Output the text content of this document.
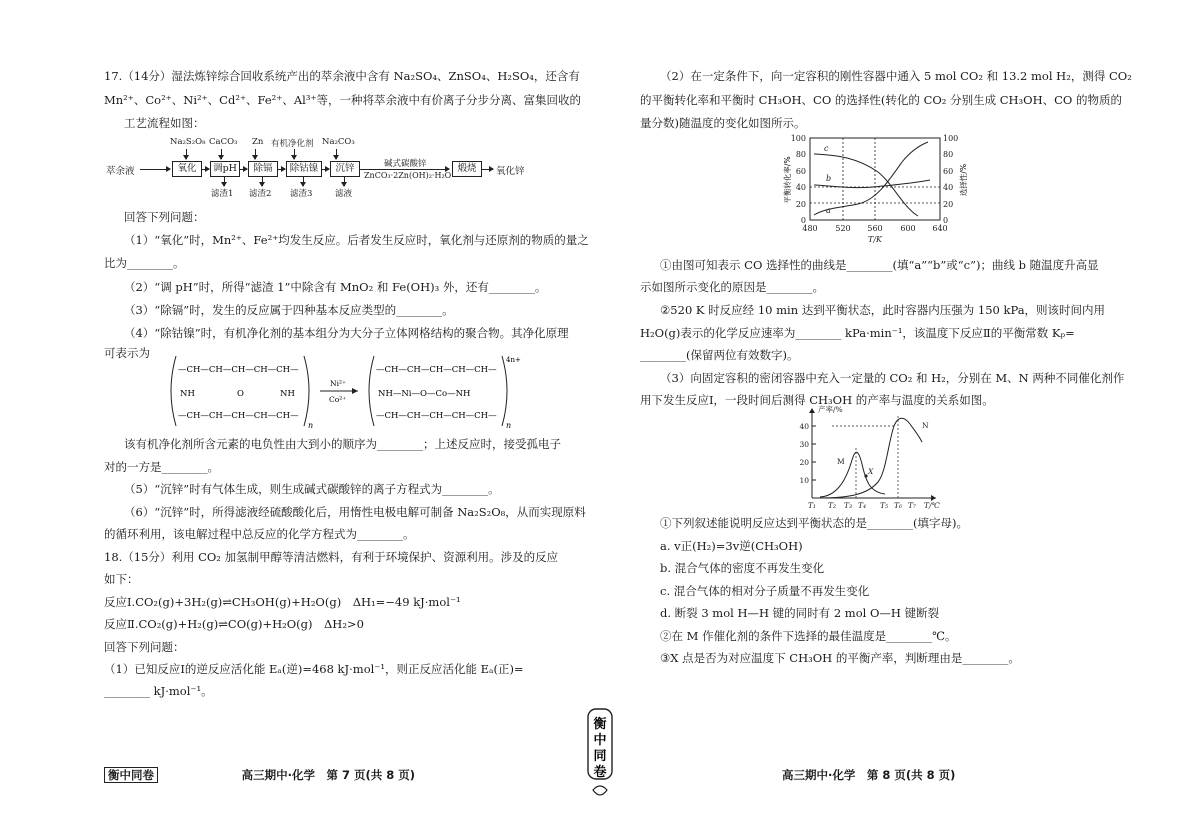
17.（14分）湿法炼锌综合回收系统产出的萃余液中含有 Na₂SO₄、ZnSO₄、H₂SO₄，还含有
Mn²⁺、Co²⁺、Ni²⁺、Cd²⁺、Fe²⁺、Al³⁺等，一种将萃余液中有价离子分步分离、富集回收的
工艺流程如图：
Na₂S₂O₈ CaCO₃ Zn 有机净化剂 Na₂CO₃
萃余液	氧化	调pH	除镉	除钴镍	沉锌	碱式碳酸锌
ZnCO₃·2Zn(OH)₂·H₂O
煅烧	氧化锌
滤渣1 滤渣2 滤渣3	滤液
回答下列问题：
（1）“氧化”时，Mn²⁺、Fe²⁺均发生反应。后者发生反应时，氧化剂与还原剂的物质的量之
比为________。
（2）“调 pH”时，所得“滤渣 1”中除含有 MnO₂ 和 Fe(OH)₃ 外，还有________。
（3）“除镉”时，发生的反应属于四种基本反应类型的________。
（4）“除钴镍”时，有机净化剂的基本组分为大分子立体网格结构的聚合物。其净化原理
可表示为
—CH—CH—CH—CH—CH—
NH	O	NH
—CH—CH—CH—CH—CH—
n
Ni²⁺
Co²⁺
—CH—CH—CH—CH—CH—
NH—Ni—O—Co—NH
—CH—CH—CH—CH—CH—
4n+
n
该有机净化剂所含元素的电负性由大到小的顺序为________；上述反应时，接受孤电子
对的一方是________。
（5）“沉锌”时有气体生成，则生成碱式碳酸锌的离子方程式为________。
（6）“沉锌”时，所得滤液经硫酸酸化后，用惰性电极电解可制备 Na₂S₂O₈，从而实现原料
的循环利用，该电解过程中总反应的化学方程式为________。
18.（15分）利用 CO₂ 加氢制甲醇等清洁燃料，有利于环境保护、资源利用。涉及的反应
如下：
反应Ⅰ.CO₂(g)+3H₂(g)⇌CH₃OH(g)+H₂O(g)　ΔH₁=−49 kJ·mol⁻¹
反应Ⅱ.CO₂(g)+H₂(g)⇌CO(g)+H₂O(g)　ΔH₂>0
回答下列问题：
（1）已知反应Ⅰ的逆反应活化能 Eₐ(逆)=468 kJ·mol⁻¹，则正反应活化能 Eₐ(正)=
________ kJ·mol⁻¹。
衡中同卷	高三期中·化学　第 7 页(共 8 页)
衡
中
同
卷
（2）在一定条件下，向一定容积的刚性容器中通入 5 mol CO₂ 和 13.2 mol H₂，测得 CO₂
的平衡转化率和平衡时 CH₃OH、CO 的选择性(转化的 CO₂ 分别生成 CH₃OH、CO 的物质的
量分数)随温度的变化如图所示。
0
20
40
60
80
100
0
20
40
60
80
100
480 520 560 600 640
T/K
a
b
c
平衡转化率/%	选择性/%
①由图可知表示 CO 选择性的曲线是________(填“a”“b”或“c”)；曲线 b 随温度升高显
示如图所示变化的原因是________。
②520 K 时反应经 10 min 达到平衡状态，此时容器内压强为 150 kPa，则该时间内用
H₂O(g)表示的化学反应速率为________ kPa·min⁻¹，该温度下反应Ⅱ的平衡常数 Kₚ=
________(保留两位有效数字)。
（3）向固定容积的密闭容器中充入一定量的 CO₂ 和 H₂，分别在 M、N 两种不同催化剂作
用下发生反应Ⅰ，一段时间后测得 CH₃OH 的产率与温度的关系如图。
产率/%
40
30
20
10
T₁ T₂ T₃ T₄ T₅ T₆ T₇ T/℃
M
N
X
①下列叙述能说明反应达到平衡状态的是________(填字母)。
a. v正(H₂)=3v逆(CH₃OH)
b. 混合气体的密度不再发生变化
c. 混合气体的相对分子质量不再发生变化
d. 断裂 3 mol H—H 键的同时有 2 mol O—H 键断裂
②在 M 作催化剂的条件下选择的最佳温度是________℃。
③X 点是否为对应温度下 CH₃OH 的平衡产率，判断理由是________。
高三期中·化学　第 8 页(共 8 页)
